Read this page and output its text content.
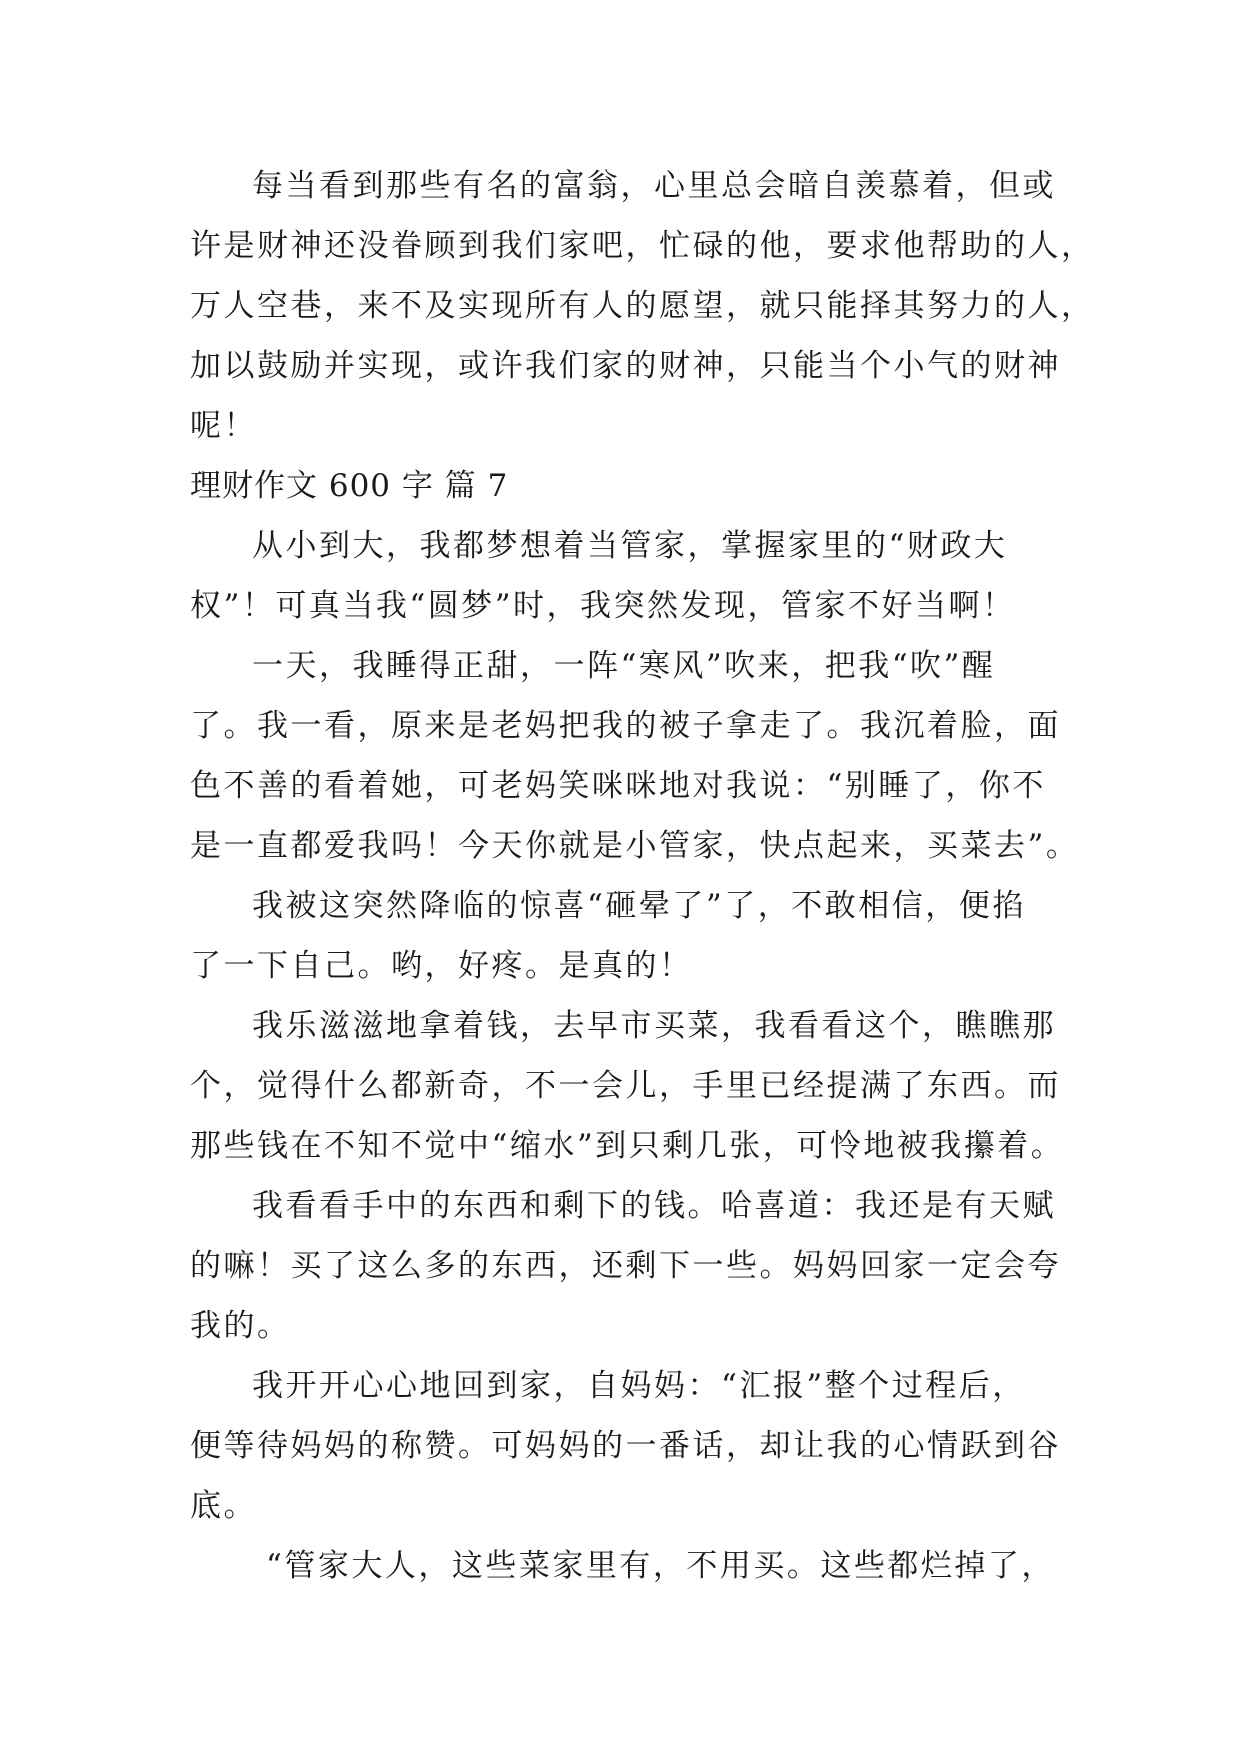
每当看到那些有名的富翁，心里总会暗自羡慕着，但或
许是财神还没眷顾到我们家吧，忙碌的他，要求他帮助的人，
万人空巷，来不及实现所有人的愿望，就只能择其努力的人，
加以鼓励并实现，或许我们家的财神，只能当个小气的财神
呢！
理财作文 600 字 篇 7
从小到大，我都梦想着当管家，掌握家里的“财政大
权”！可真当我“圆梦”时，我突然发现，管家不好当啊！
一天，我睡得正甜，一阵“寒风”吹来，把我“吹”醒
了。我一看，原来是老妈把我的被子拿走了。我沉着脸，面
色不善的看着她，可老妈笑咪咪地对我说：“别睡了，你不
是一直都爱我吗！今天你就是小管家，快点起来，买菜去”。
我被这突然降临的惊喜“砸晕了”了，不敢相信，便掐
了一下自己。哟，好疼。是真的！
我乐滋滋地拿着钱，去早市买菜，我看看这个，瞧瞧那
个，觉得什么都新奇，不一会儿，手里已经提满了东西。而
那些钱在不知不觉中“缩水”到只剩几张，可怜地被我攥着。
我看看手中的东西和剩下的钱。哈喜道：我还是有天赋
的嘛！买了这么多的东西，还剩下一些。妈妈回家一定会夸
我的。
我开开心心地回到家，自妈妈：“汇报”整个过程后，
便等待妈妈的称赞。可妈妈的一番话，却让我的心情跃到谷
底。
“管家大人，这些菜家里有，不用买。这些都烂掉了，
